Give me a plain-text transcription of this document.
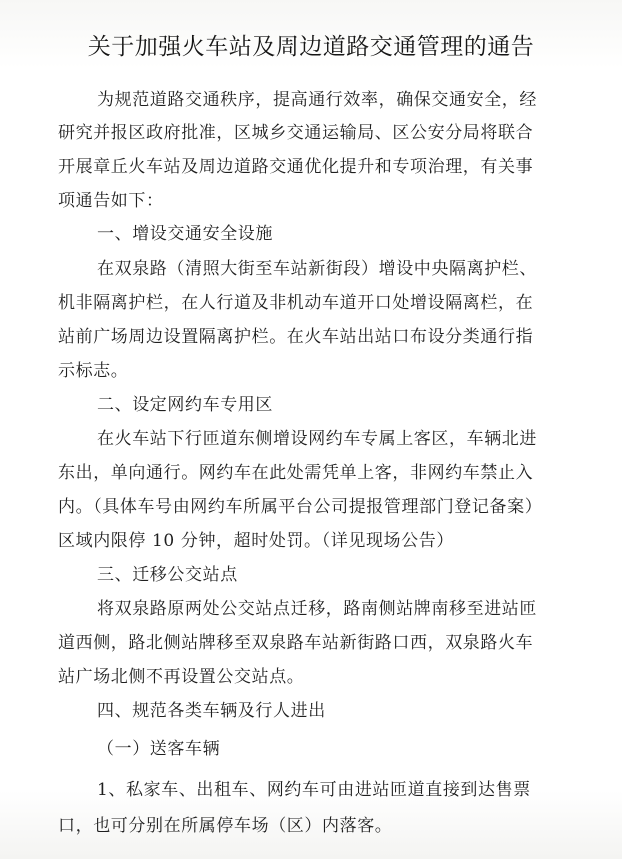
关于加强火车站及周边道路交通管理的通告
为规范道路交通秩序，提高通行效率，确保交通安全，经
研究并报区政府批准，区城乡交通运输局、区公安分局将联合
开展章丘火车站及周边道路交通优化提升和专项治理，有关事
项通告如下：
一、增设交通安全设施
在双泉路（清照大街至车站新街段）增设中央隔离护栏、
机非隔离护栏，在人行道及非机动车道开口处增设隔离栏，在
站前广场周边设置隔离护栏。在火车站出站口布设分类通行指
示标志。
二、设定网约车专用区
在火车站下行匝道东侧增设网约车专属上客区，车辆北进
东出，单向通行。网约车在此处需凭单上客，非网约车禁止入
内。（具体车号由网约车所属平台公司提报管理部门登记备案）
区域内限停 10 分钟，超时处罚。（详见现场公告）
三、迁移公交站点
将双泉路原两处公交站点迁移，路南侧站牌南移至进站匝
道西侧，路北侧站牌移至双泉路车站新街路口西，双泉路火车
站广场北侧不再设置公交站点。
四、规范各类车辆及行人进出
（一）送客车辆
1、私家车、出租车、网约车可由进站匝道直接到达售票
口，也可分别在所属停车场（区）内落客。
